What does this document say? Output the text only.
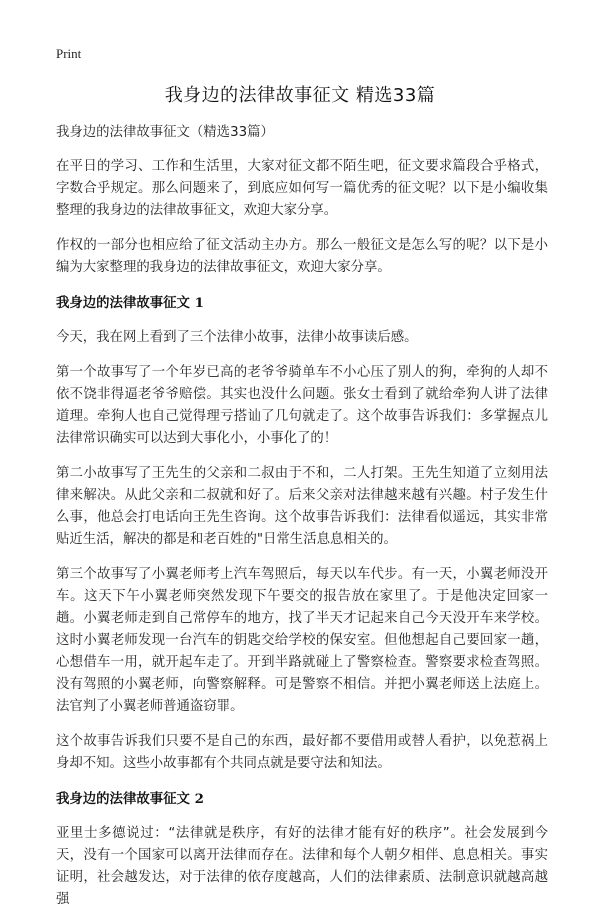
Print
我身边的法律故事征文 精选33篇

我身边的法律故事征文（精选33篇）

在平日的学习、工作和生活里，大家对征文都不陌生吧，征文要求篇段合乎格式，字数合乎规定。那么问题来了，到底应如何写一篇优秀的征文呢？以下是小编收集整理的我身边的法律故事征文，欢迎大家分享。

作权的一部分也相应给了征文活动主办方。那么一般征文是怎么写的呢？以下是小编为大家整理的我身边的法律故事征文，欢迎大家分享。

我身边的法律故事征文 1

今天，我在网上看到了三个法律小故事，法律小故事读后感。

第一个故事写了一个年岁已高的老爷爷骑单车不小心压了别人的狗，牵狗的人却不依不饶非得逼老爷爷赔偿。其实也没什么问题。张女士看到了就给牵狗人讲了法律道理。牵狗人也自己觉得理亏搭讪了几句就走了。这个故事告诉我们：多掌握点儿法律常识确实可以达到大事化小，小事化了的！

第二小故事写了王先生的父亲和二叔由于不和，二人打架。王先生知道了立刻用法律来解决。从此父亲和二叔就和好了。后来父亲对法律越来越有兴趣。村子发生什么事，他总会打电话向王先生咨询。这个故事告诉我们：法律看似遥远，其实非常贴近生活，解决的都是和老百姓的"日常生活息息相关的。

第三个故事写了小翼老师考上汽车驾照后，每天以车代步。有一天，小翼老师没开车。这天下午小翼老师突然发现下午要交的报告放在家里了。于是他决定回家一趟。小翼老师走到自己常停车的地方，找了半天才记起来自己今天没开车来学校。这时小翼老师发现一台汽车的钥匙交给学校的保安室。但他想起自己要回家一趟，心想借车一用，就开起车走了。开到半路就碰上了警察检查。警察要求检查驾照。没有驾照的小翼老师，向警察解释。可是警察不相信。并把小翼老师送上法庭上。法官判了小翼老师普通盗窃罪。

这个故事告诉我们只要不是自己的东西，最好都不要借用或替人看护，以免惹祸上身却不知。这些小故事都有个共同点就是要守法和知法。

我身边的法律故事征文 2

亚里士多德说过：“法律就是秩序，有好的法律才能有好的秩序”。社会发展到今天，没有一个国家可以离开法律而存在。法律和每个人朝夕相伴、息息相关。事实证明，社会越发达，对于法律的依存度越高，人们的法律素质、法制意识就越高越强
